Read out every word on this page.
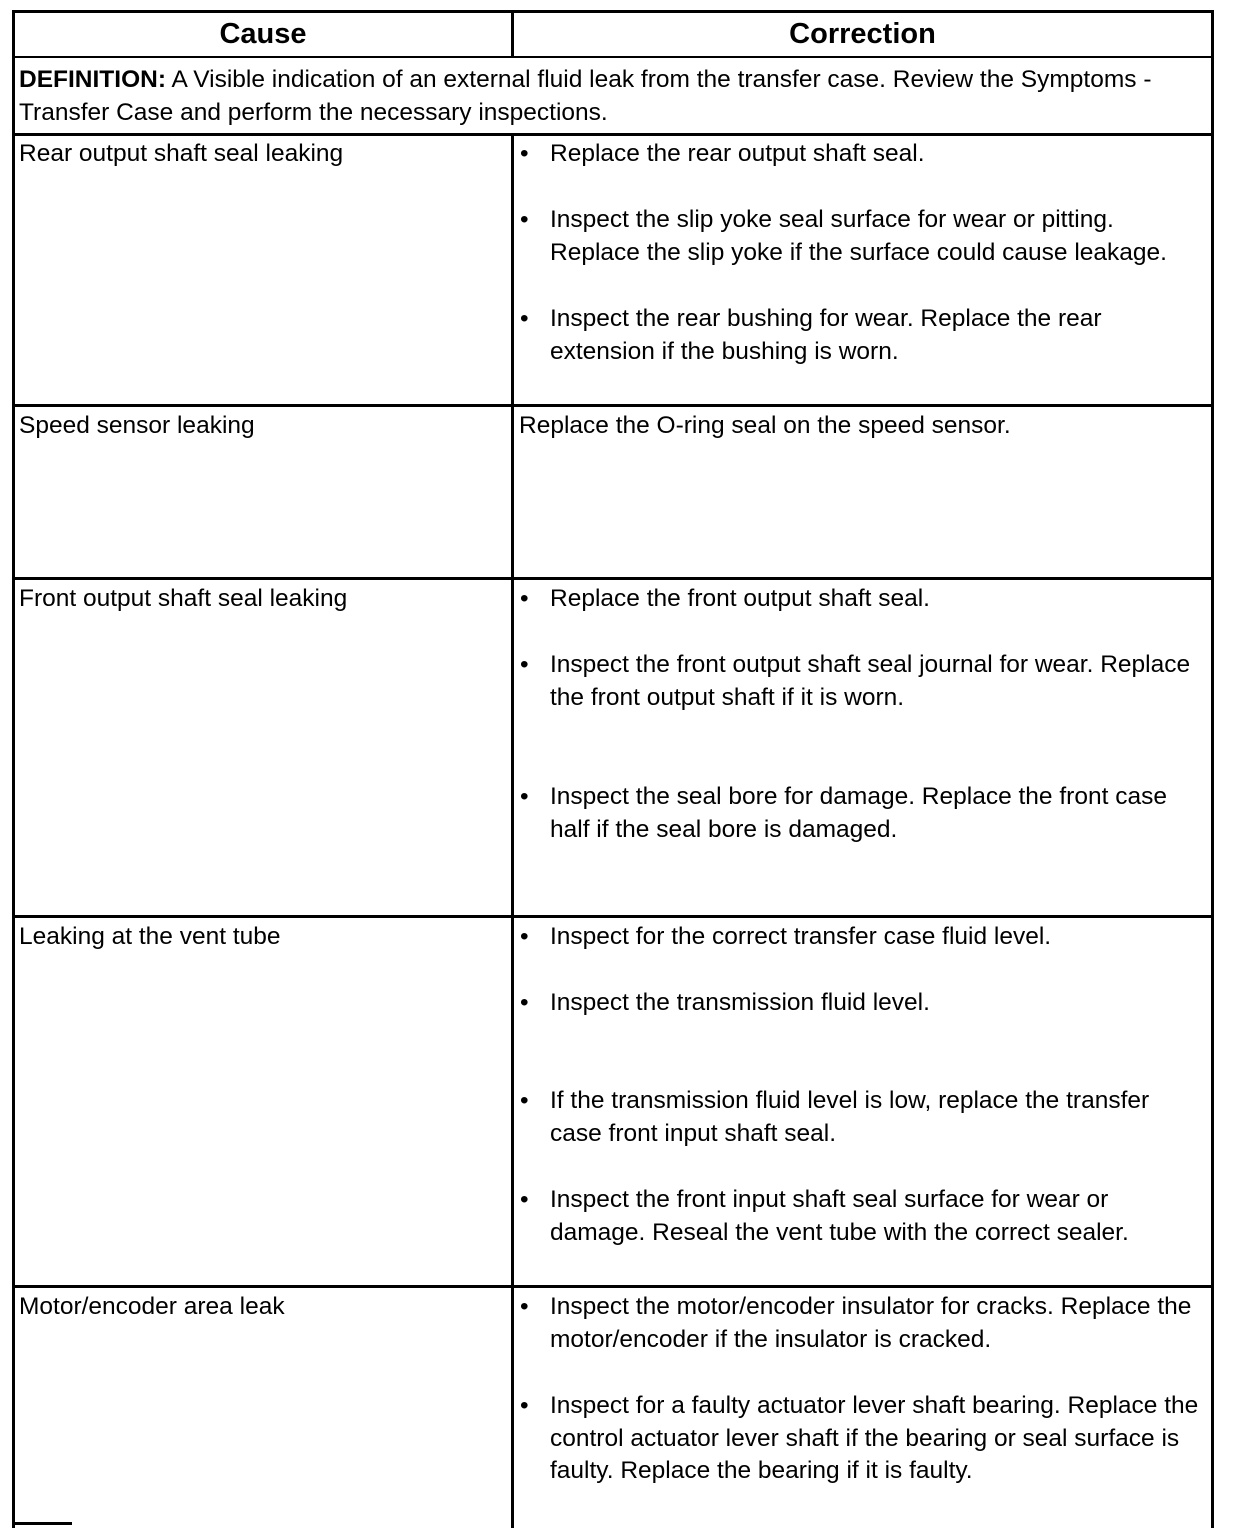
Cause	Correction
DEFINITION: A Visible indication of an external fluid leak from the transfer case. Review the Symptoms - Transfer Case and perform the necessary inspections.
Rear output shaft seal leaking	• Replace the rear output shaft seal.
• Inspect the slip yoke seal surface for wear or pitting. Replace the slip yoke if the surface could cause leakage.
• Inspect the rear bushing for wear. Replace the rear extension if the bushing is worn.
Speed sensor leaking	Replace the O-ring seal on the speed sensor.
Front output shaft seal leaking	• Replace the front output shaft seal.
• Inspect the front output shaft seal journal for wear. Replace the front output shaft if it is worn.
• Inspect the seal bore for damage. Replace the front case half if the seal bore is damaged.
Leaking at the vent tube	• Inspect for the correct transfer case fluid level.
• Inspect the transmission fluid level.
• If the transmission fluid level is low, replace the transfer case front input shaft seal.
• Inspect the front input shaft seal surface for wear or damage. Reseal the vent tube with the correct sealer.
Motor/encoder area leak	• Inspect the motor/encoder insulator for cracks. Replace the motor/encoder if the insulator is cracked.
• Inspect for a faulty actuator lever shaft bearing. Replace the control actuator lever shaft if the bearing or seal surface is faulty. Replace the bearing if it is faulty.
